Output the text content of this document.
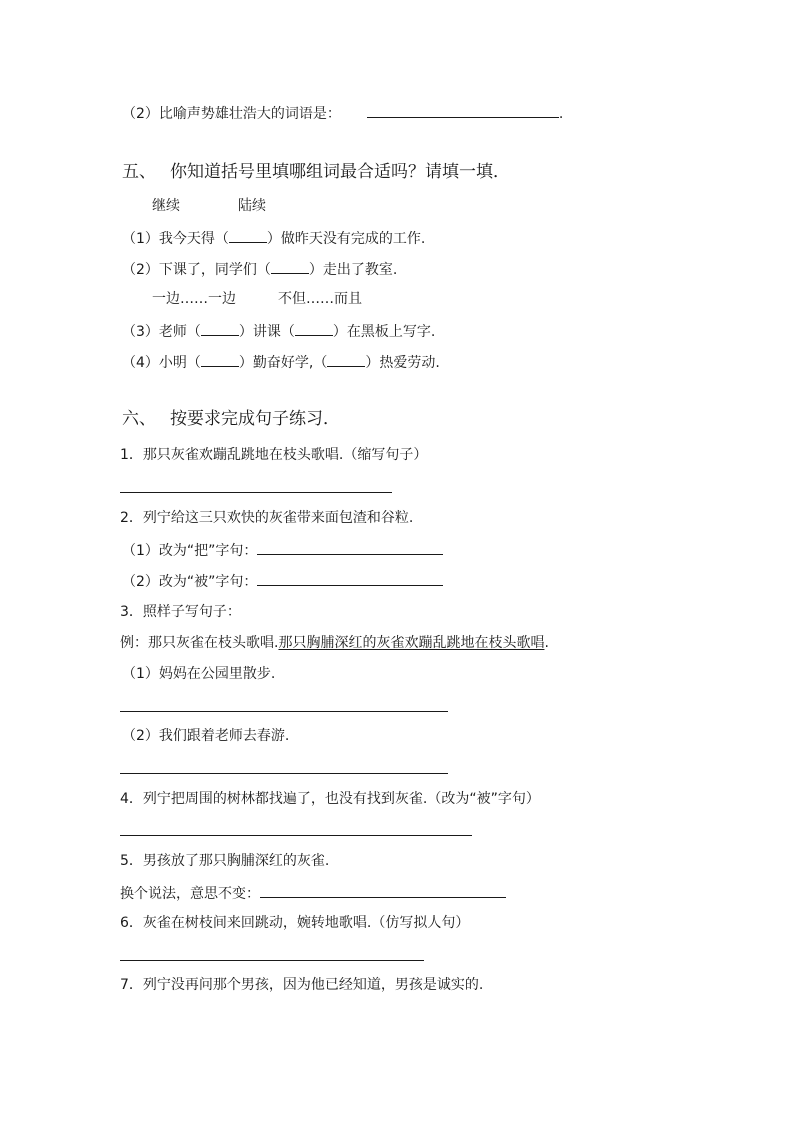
（2）比喻声势雄壮浩大的词语是：	.
五、 你知道括号里填哪组词最合适吗？请填一填．
继续	陆续
（1）我今天得（	）做昨天没有完成的工作.
（2）下课了，同学们（	）走出了教室.
一边……一边	不但……而且
（3）老师（	）讲课（	）在黑板上写字.
（4）小明（	）勤奋好学,（	）热爱劳动.
六、 按要求完成句子练习．
1．那只灰雀欢蹦乱跳地在枝头歌唱.（缩写句子）
2．列宁给这三只欢快的灰雀带来面包渣和谷粒.
（1）改为“把”字句：
（2）改为“被”字句：
3．照样子写句子：
例：那只灰雀在枝头歌唱.那只胸脯深红的灰雀欢蹦乱跳地在枝头歌唱.
（1）妈妈在公园里散步.
（2）我们跟着老师去春游.
4．列宁把周围的树林都找遍了，也没有找到灰雀.（改为“被”字句）
5．男孩放了那只胸脯深红的灰雀.
换个说法，意思不变：
6．灰雀在树枝间来回跳动，婉转地歌唱.（仿写拟人句）
7．列宁没再问那个男孩，因为他已经知道，男孩是诚实的.
